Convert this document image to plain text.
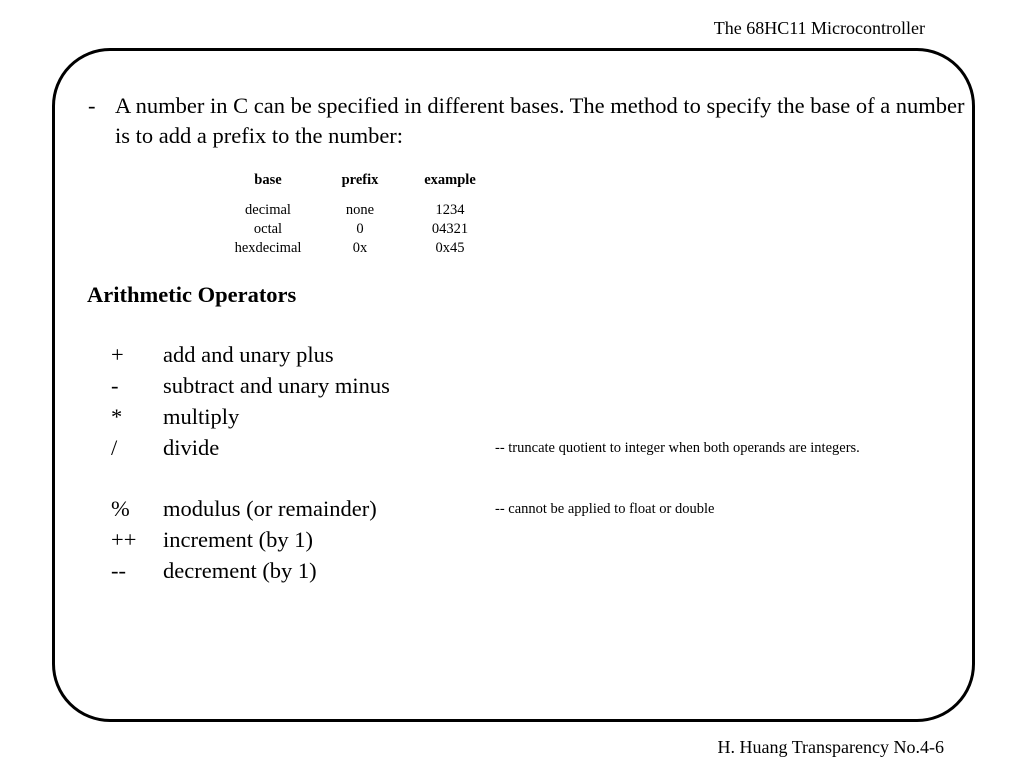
The 68HC11 Microcontroller
- A number in C can be specified in different bases. The method to specify the base of a number is to add a prefix to the number:
base	prefix	example
decimal	none	1234
octal	0	04321
hexdecimal	0x	0x45
Arithmetic Operators
+ add and unary plus
- subtract and unary minus
* multiply
/ divide	-- truncate quotient to integer when both operands are integers.
% modulus (or remainder)	-- cannot be applied to float or double
++ increment (by 1)
-- decrement (by 1)
H. Huang Transparency No.4-6
